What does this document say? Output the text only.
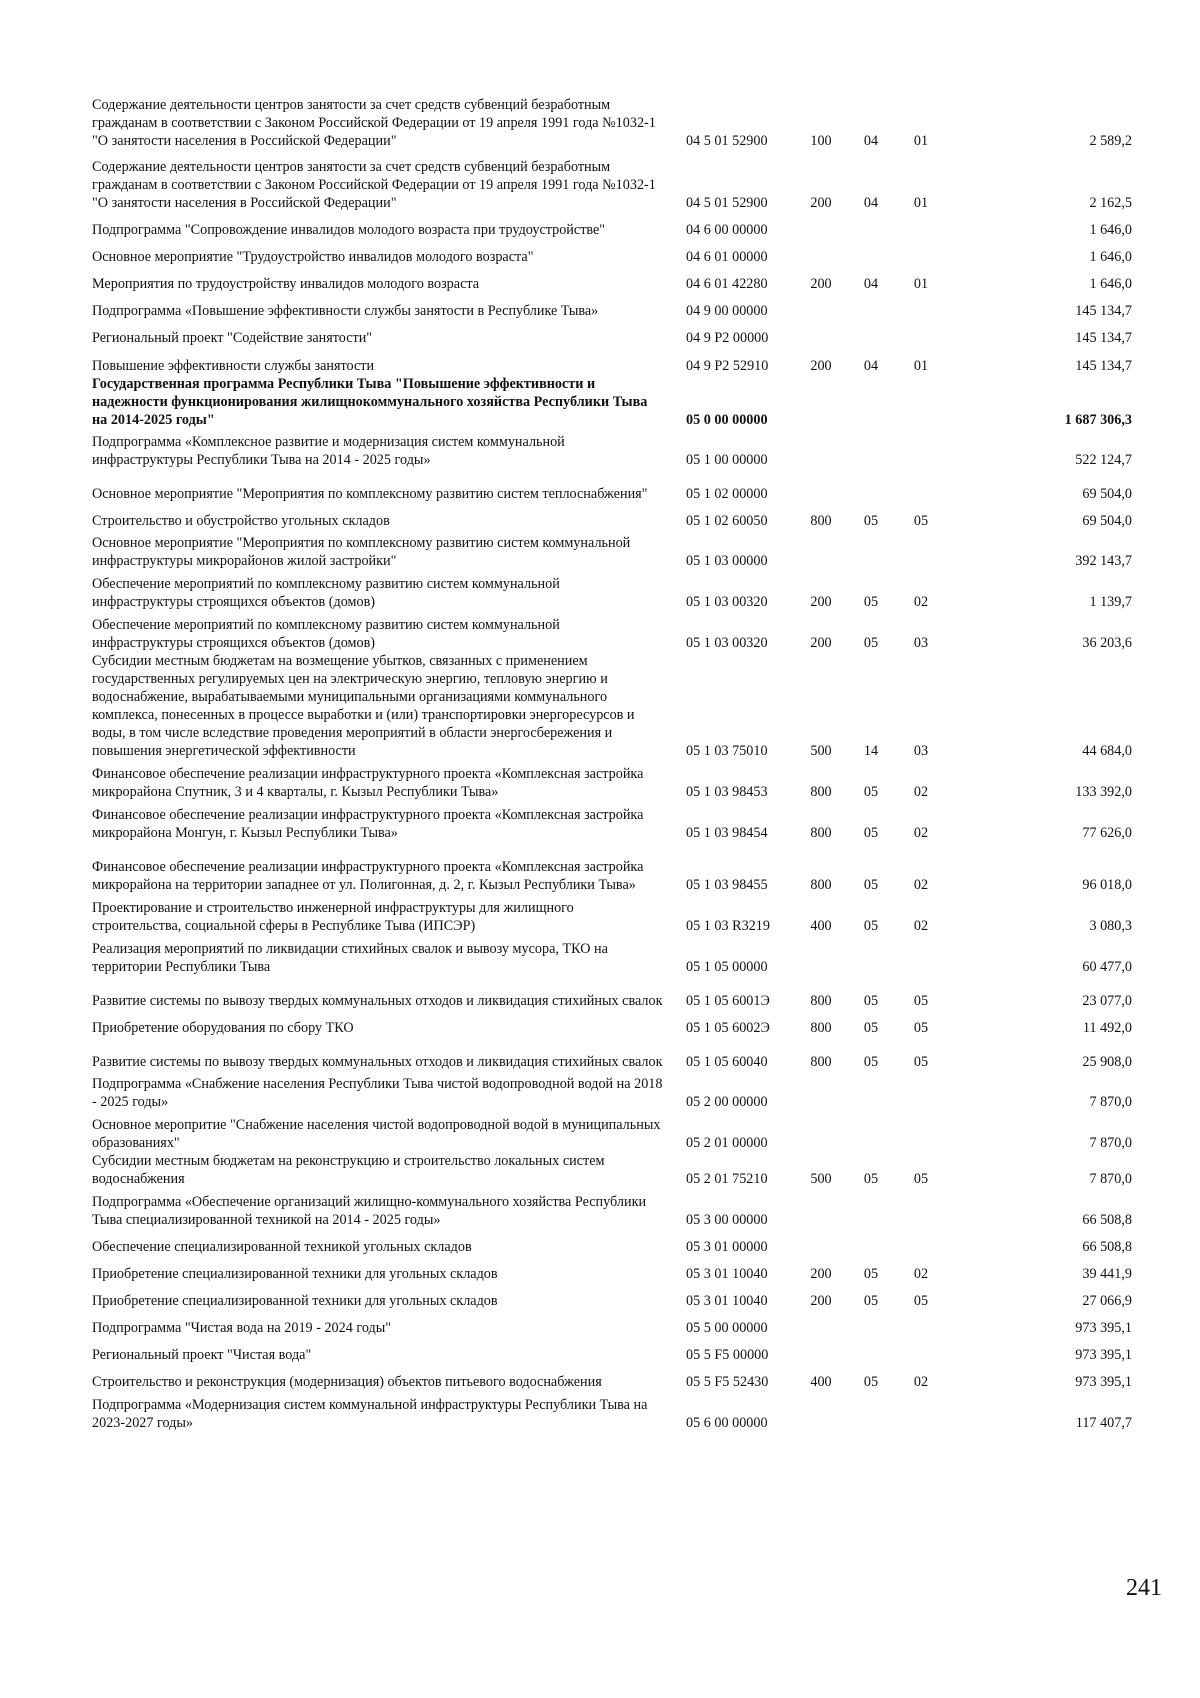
Содержание деятельности центров занятости за счет средств субвенций безработным гражданам в соответствии с Законом Российской Федерации от 19 апреля 1991 года №1032-1 "О занятости населения в Российской Федерации"	04 5 01 52900	100	04	01	2 589,2
Содержание деятельности центров занятости за счет средств субвенций безработным гражданам в соответствии с Законом Российской Федерации от 19 апреля 1991 года №1032-1 "О занятости населения в Российской Федерации"	04 5 01 52900	200	04	01	2 162,5
Подпрограмма "Сопровождение инвалидов молодого возраста при трудоустройстве"	04 6 00 00000				1 646,0
Основное мероприятие "Трудоустройство инвалидов молодого возраста"	04 6 01 00000				1 646,0
Мероприятия по трудоустройству инвалидов молодого возраста	04 6 01 42280	200	04	01	1 646,0
Подпрограмма «Повышение эффективности службы занятости в Республике Тыва»	04 9 00 00000				145 134,7
Региональный проект "Содействие занятости"	04 9 P2 00000				145 134,7
Повышение эффективности службы занятости	04 9 P2 52910	200	04	01	145 134,7
Государственная программа Республики Тыва "Повышение эффективности и надежности функционирования жилищнокоммунального хозяйства Республики Тыва на 2014-2025 годы"	05 0 00 00000				1 687 306,3
Подпрограмма «Комплексное развитие и модернизация систем коммунальной инфраструктуры Республики Тыва на 2014 - 2025 годы»	05 1 00 00000				522 124,7
Основное мероприятие "Мероприятия по комплексному развитию систем теплоснабжения"	05 1 02 00000				69 504,0
Строительство и обустройство угольных складов	05 1 02 60050	800	05	05	69 504,0
Основное мероприятие "Мероприятия по комплексному развитию систем коммунальной инфраструктуры микрорайонов жилой застройки"	05 1 03 00000				392 143,7
Обеспечение мероприятий по комплексному развитию систем коммунальной инфраструктуры строящихся объектов (домов)	05 1 03 00320	200	05	02	1 139,7
Обеспечение мероприятий по комплексному развитию систем коммунальной инфраструктуры строящихся объектов (домов)	05 1 03 00320	200	05	03	36 203,6
Субсидии местным бюджетам на возмещение убытков, связанных с применением государственных регулируемых цен на электрическую энергию, тепловую энергию и водоснабжение, вырабатываемыми муниципальными организациями коммунального комплекса, понесенных в процессе выработки и (или) транспортировки энергоресурсов и воды, в том числе вследствие проведения мероприятий в области энергосбережения и повышения энергетической эффективности	05 1 03 75010	500	14	03	44 684,0
Финансовое обеспечение реализации инфраструктурного проекта «Комплексная застройка микрорайона Спутник, 3 и 4 кварталы, г. Кызыл Республики Тыва»	05 1 03 98453	800	05	02	133 392,0
Финансовое обеспечение реализации инфраструктурного проекта «Комплексная застройка микрорайона Монгун, г. Кызыл Республики Тыва»	05 1 03 98454	800	05	02	77 626,0
Финансовое обеспечение реализации инфраструктурного проекта «Комплексная застройка микрорайона на территории западнее от ул. Полигонная, д. 2, г. Кызыл Республики Тыва»	05 1 03 98455	800	05	02	96 018,0
Проектирование и строительство инженерной инфраструктуры для жилищного строительства, социальной сферы в Республике Тыва (ИПСЭР)	05 1 03 R3219	400	05	02	3 080,3
Реализация мероприятий по ликвидации стихийных свалок и вывозу мусора, ТКО на территории Республики Тыва	05 1 05 00000				60 477,0
Развитие системы по вывозу твердых коммунальных отходов и ликвидация стихийных свалок	05 1 05 6001Э	800	05	05	23 077,0
Приобретение оборудования по сбору ТКО	05 1 05 6002Э	800	05	05	11 492,0
Развитие системы по вывозу твердых коммунальных отходов и ликвидация стихийных свалок	05 1 05 60040	800	05	05	25 908,0
Подпрограмма «Снабжение населения Республики Тыва чистой водопроводной водой на 2018 - 2025 годы»	05 2 00 00000				7 870,0
Основное меропритие "Снабжение населения чистой водопроводной водой в муниципальных образованиях"	05 2 01 00000				7 870,0
Субсидии местным бюджетам на реконструкцию и строительство локальных систем водоснабжения	05 2 01 75210	500	05	05	7 870,0
Подпрограмма «Обеспечение организаций жилищно-коммунального хозяйства Республики Тыва специализированной техникой на 2014 - 2025 годы»	05 3 00 00000				66 508,8
Обеспечение специализированной техникой угольных складов	05 3 01 00000				66 508,8
Приобретение специализированной техники для угольных складов	05 3 01 10040	200	05	02	39 441,9
Приобретение специализированной техники для угольных складов	05 3 01 10040	200	05	05	27 066,9
Подпрограмма "Чистая вода на 2019 - 2024 годы"	05 5 00 00000				973 395,1
Региональный проект "Чистая вода"	05 5 F5 00000				973 395,1
Строительство и реконструкция (модернизация) объектов питьевого водоснабжения	05 5 F5 52430	400	05	02	973 395,1
Подпрограмма «Модернизация систем коммунальной инфраструктуры Республики Тыва на 2023-2027 годы»	05 6 00 00000				117 407,7
241
